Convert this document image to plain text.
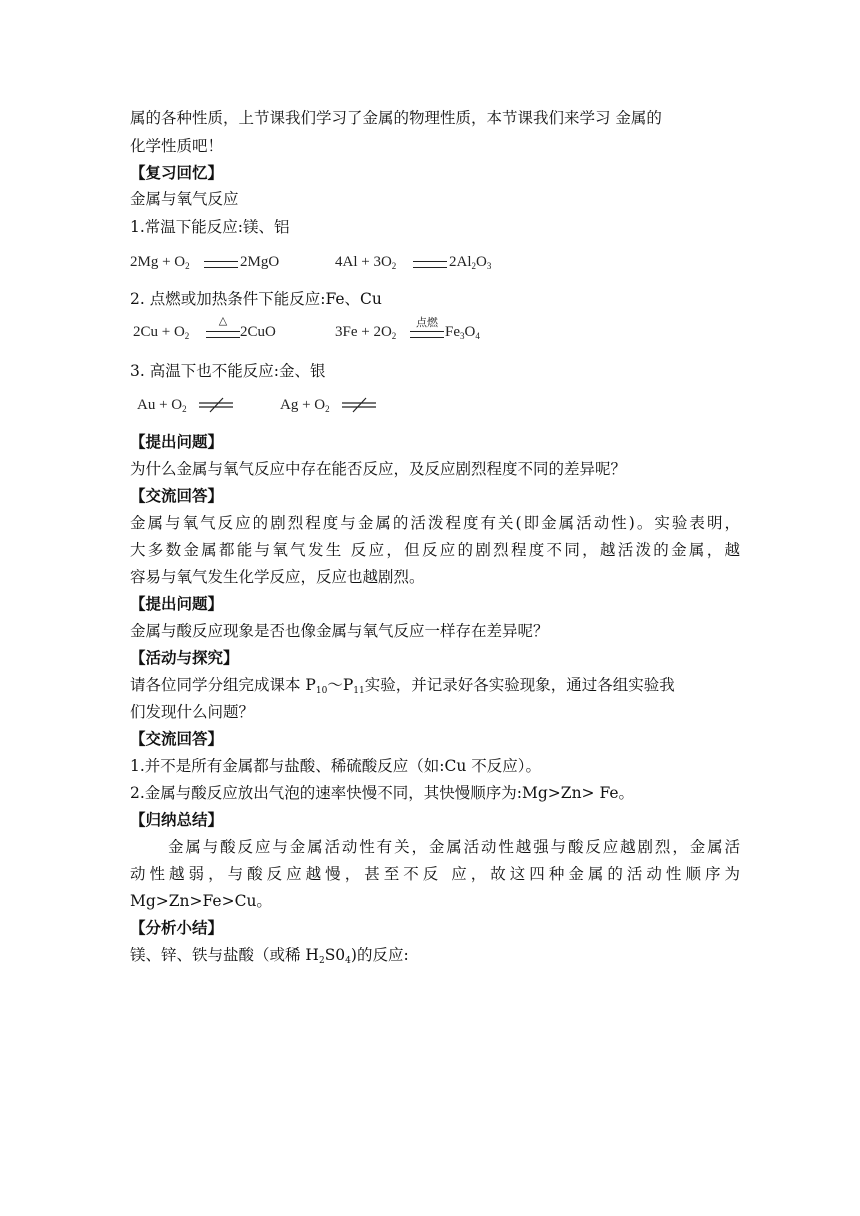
属的各种性质，上节课我们学习了金属的物理性质，本节课我们来学习 金属的
化学性质吧！
【复习回忆】
金属与氧气反应
1.常温下能反应:镁、铝
$2Mg + O_2$	2MgO	$4Al + 3O_2$	$2Al_2O_3$
2. 点燃或加热条件下能反应:Fe、Cu
$2Cu + O_2$
△
2CuO	$3Fe + 2O_2$
点燃
$Fe_3O_4$
3. 高温下也不能反应:金、银
$Au + O_2$	$Ag + O_2$
【提出问题】
为什么金属与氧气反应中存在能否反应，及反应剧烈程度不同的差异呢？
【交流回答】
金属与氧气反应的剧烈程度与金属的活泼程度有关(即金属活动性)。实验表明，
大多数金属都能与氧气发生 反应，但反应的剧烈程度不同，越活泼的金属，越
容易与氧气发生化学反应，反应也越剧烈。
【提出问题】
金属与酸反应现象是否也像金属与氧气反应一样存在差异呢？
【活动与探究】
请各位同学分组完成课本 P10～P11实验，并记录好各实验现象，通过各组实验我
们发现什么问题？
【交流回答】
1.并不是所有金属都与盐酸、稀硫酸反应（如:Cu 不反应）。
2.金属与酸反应放出气泡的速率快慢不同，其快慢顺序为:Mg>Zn> Fe。
【归纳总结】
金属与酸反应与金属活动性有关，金属活动性越强与酸反应越剧烈，金属活
动性越弱，与酸反应越慢，甚至不反 应，故这四种金属的活动性顺序为
Mg>Zn>Fe>Cu。
【分析小结】
镁、锌、铁与盐酸（或稀 H2S04)的反应:
